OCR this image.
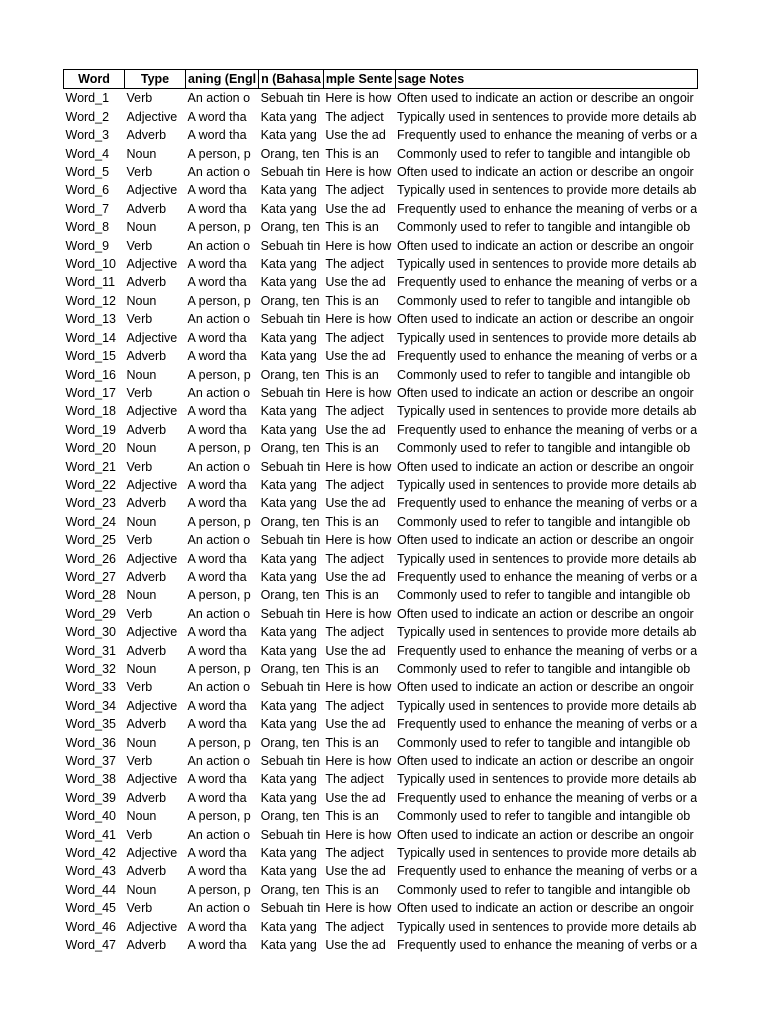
Word	Type	aning (Engl	n (Bahasa	mple Sente	sage Notes
Word_1	Verb	An action o	Sebuah tin	Here is how	Often used to indicate an action or describe an ongoir
Word_2	Adjective	A word tha	Kata yang	The adject	Typically used in sentences to provide more details ab
Word_3	Adverb	A word tha	Kata yang	Use the ad	Frequently used to enhance the meaning of verbs or a
Word_4	Noun	A person, p	Orang, ten	This is an	Commonly used to refer to tangible and intangible ob
Word_5	Verb	An action o	Sebuah tin	Here is how	Often used to indicate an action or describe an ongoir
Word_6	Adjective	A word tha	Kata yang	The adject	Typically used in sentences to provide more details ab
Word_7	Adverb	A word tha	Kata yang	Use the ad	Frequently used to enhance the meaning of verbs or a
Word_8	Noun	A person, p	Orang, ten	This is an	Commonly used to refer to tangible and intangible ob
Word_9	Verb	An action o	Sebuah tin	Here is how	Often used to indicate an action or describe an ongoir
Word_10	Adjective	A word tha	Kata yang	The adject	Typically used in sentences to provide more details ab
Word_11	Adverb	A word tha	Kata yang	Use the ad	Frequently used to enhance the meaning of verbs or a
Word_12	Noun	A person, p	Orang, ten	This is an	Commonly used to refer to tangible and intangible ob
Word_13	Verb	An action o	Sebuah tin	Here is how	Often used to indicate an action or describe an ongoir
Word_14	Adjective	A word tha	Kata yang	The adject	Typically used in sentences to provide more details ab
Word_15	Adverb	A word tha	Kata yang	Use the ad	Frequently used to enhance the meaning of verbs or a
Word_16	Noun	A person, p	Orang, ten	This is an	Commonly used to refer to tangible and intangible ob
Word_17	Verb	An action o	Sebuah tin	Here is how	Often used to indicate an action or describe an ongoir
Word_18	Adjective	A word tha	Kata yang	The adject	Typically used in sentences to provide more details ab
Word_19	Adverb	A word tha	Kata yang	Use the ad	Frequently used to enhance the meaning of verbs or a
Word_20	Noun	A person, p	Orang, ten	This is an	Commonly used to refer to tangible and intangible ob
Word_21	Verb	An action o	Sebuah tin	Here is how	Often used to indicate an action or describe an ongoir
Word_22	Adjective	A word tha	Kata yang	The adject	Typically used in sentences to provide more details ab
Word_23	Adverb	A word tha	Kata yang	Use the ad	Frequently used to enhance the meaning of verbs or a
Word_24	Noun	A person, p	Orang, ten	This is an	Commonly used to refer to tangible and intangible ob
Word_25	Verb	An action o	Sebuah tin	Here is how	Often used to indicate an action or describe an ongoir
Word_26	Adjective	A word tha	Kata yang	The adject	Typically used in sentences to provide more details ab
Word_27	Adverb	A word tha	Kata yang	Use the ad	Frequently used to enhance the meaning of verbs or a
Word_28	Noun	A person, p	Orang, ten	This is an	Commonly used to refer to tangible and intangible ob
Word_29	Verb	An action o	Sebuah tin	Here is how	Often used to indicate an action or describe an ongoir
Word_30	Adjective	A word tha	Kata yang	The adject	Typically used in sentences to provide more details ab
Word_31	Adverb	A word tha	Kata yang	Use the ad	Frequently used to enhance the meaning of verbs or a
Word_32	Noun	A person, p	Orang, ten	This is an	Commonly used to refer to tangible and intangible ob
Word_33	Verb	An action o	Sebuah tin	Here is how	Often used to indicate an action or describe an ongoir
Word_34	Adjective	A word tha	Kata yang	The adject	Typically used in sentences to provide more details ab
Word_35	Adverb	A word tha	Kata yang	Use the ad	Frequently used to enhance the meaning of verbs or a
Word_36	Noun	A person, p	Orang, ten	This is an	Commonly used to refer to tangible and intangible ob
Word_37	Verb	An action o	Sebuah tin	Here is how	Often used to indicate an action or describe an ongoir
Word_38	Adjective	A word tha	Kata yang	The adject	Typically used in sentences to provide more details ab
Word_39	Adverb	A word tha	Kata yang	Use the ad	Frequently used to enhance the meaning of verbs or a
Word_40	Noun	A person, p	Orang, ten	This is an	Commonly used to refer to tangible and intangible ob
Word_41	Verb	An action o	Sebuah tin	Here is how	Often used to indicate an action or describe an ongoir
Word_42	Adjective	A word tha	Kata yang	The adject	Typically used in sentences to provide more details ab
Word_43	Adverb	A word tha	Kata yang	Use the ad	Frequently used to enhance the meaning of verbs or a
Word_44	Noun	A person, p	Orang, ten	This is an	Commonly used to refer to tangible and intangible ob
Word_45	Verb	An action o	Sebuah tin	Here is how	Often used to indicate an action or describe an ongoir
Word_46	Adjective	A word tha	Kata yang	The adject	Typically used in sentences to provide more details ab
Word_47	Adverb	A word tha	Kata yang	Use the ad	Frequently used to enhance the meaning of verbs or a
